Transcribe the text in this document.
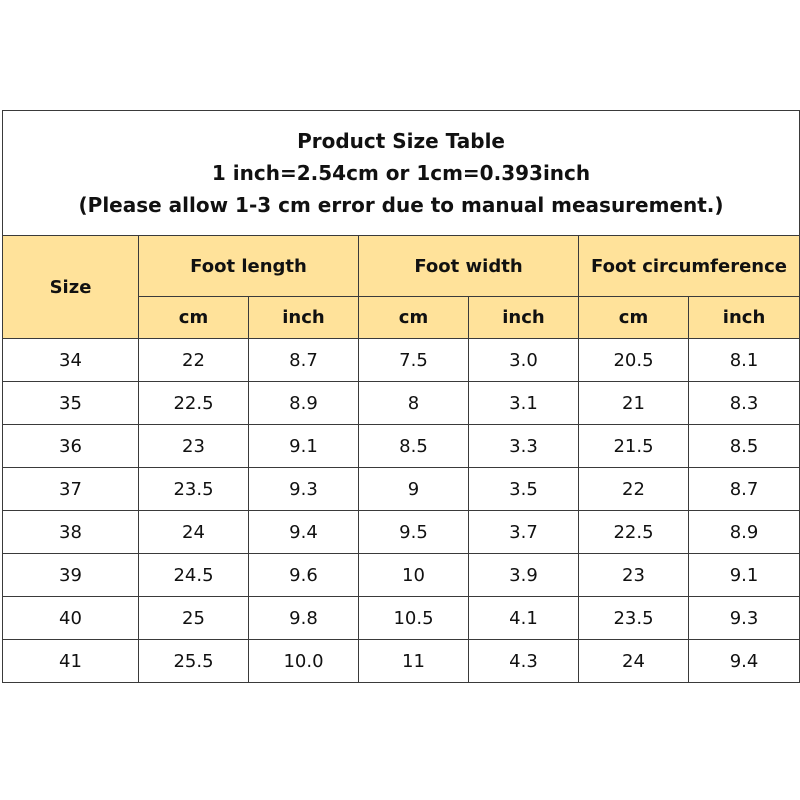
Product Size Table
1 inch=2.54cm or 1cm=0.393inch
(Please allow 1-3 cm error due to manual measurement.)						

Size	Foot length		Foot width		Foot circumference	
	cm	inch	cm	inch	cm	inch
34	22	8.7	7.5	3.0	20.5	8.1
35	22.5	8.9	8	3.1	21	8.3
36	23	9.1	8.5	3.3	21.5	8.5
37	23.5	9.3	9	3.5	22	8.7
38	24	9.4	9.5	3.7	22.5	8.9
39	24.5	9.6	10	3.9	23	9.1
40	25	9.8	10.5	4.1	23.5	9.3
41	25.5	10.0	11	4.3	24	9.4
